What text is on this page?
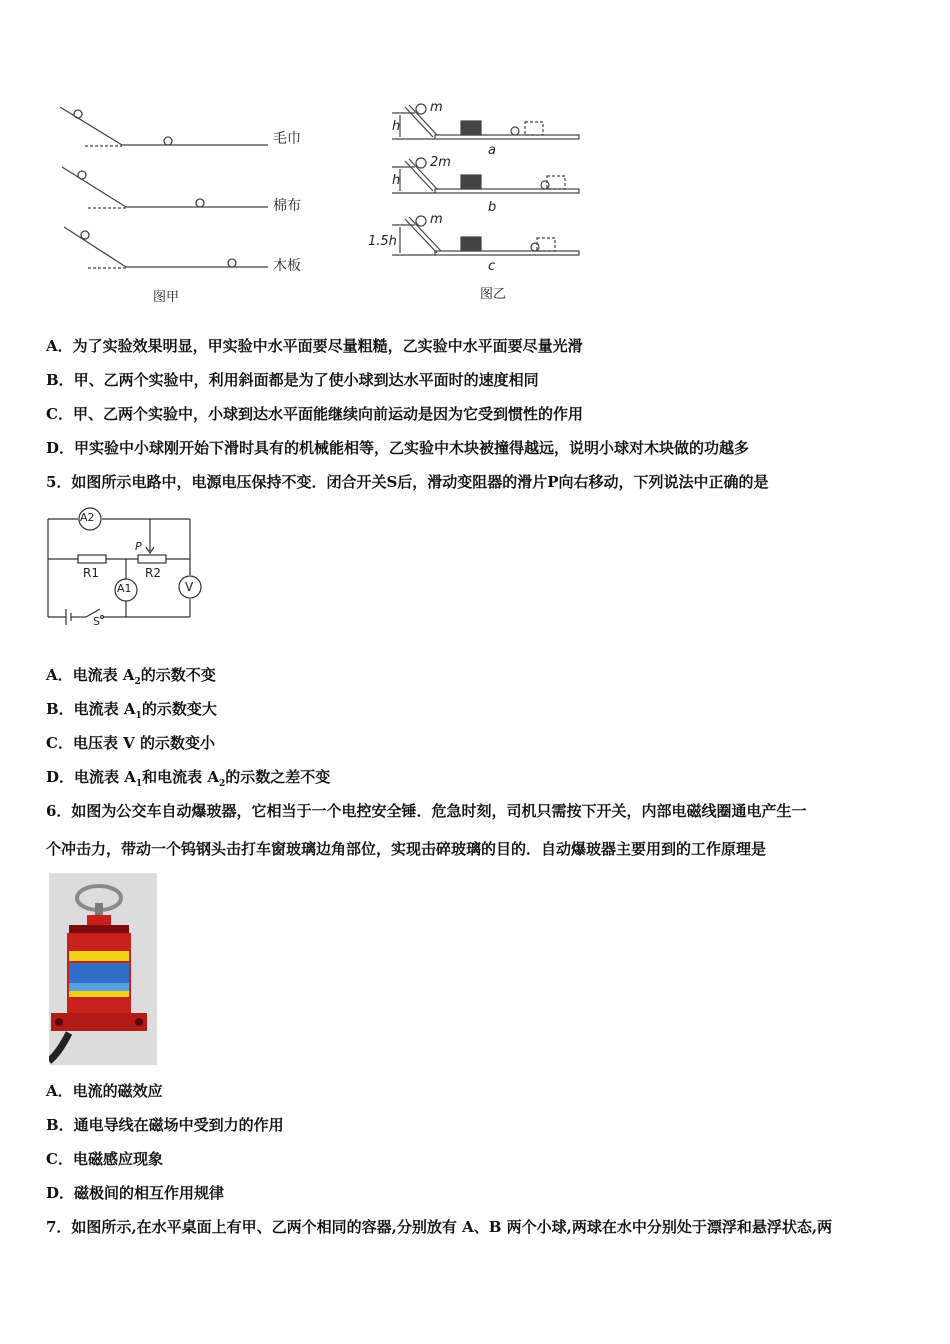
毛巾
棉布
木板
图甲
h
m
a
h
2m
b
1.5h
m
c
图乙
A．为了实验效果明显，甲实验中水平面要尽量粗糙，乙实验中水平面要尽量光滑
B．甲、乙两个实验中，利用斜面都是为了使小球到达水平面时的速度相同
C．甲、乙两个实验中，小球到达水平面能继续向前运动是因为它受到惯性的作用
D．甲实验中小球刚开始下滑时具有的机械能相等，乙实验中木块被撞得越远，说明小球对木块做的功越多
5．如图所示电路中，电源电压保持不变．闭合开关S后，滑动变阻器的滑片P向右移动，下列说法中正确的是
A2
A1	V
R1	R2
P
S
A．电流表 $A_2$的示数不变
B．电流表 $A_1$的示数变大
C．电压表 V 的示数变小
D．电流表 $A_1$和电流表 $A_2$的示数之差不变
6．如图为公交车自动爆玻器，它相当于一个电控安全锤．危急时刻，司机只需按下开关，内部电磁线圈通电产生一
个冲击力，带动一个钨钢头击打车窗玻璃边角部位，实现击碎玻璃的目的．自动爆玻器主要用到的工作原理是
A．电流的磁效应
B．通电导线在磁场中受到力的作用
C．电磁感应现象
D．磁极间的相互作用规律
7．如图所示,在水平桌面上有甲、乙两个相同的容器,分别放有 A、B 两个小球,两球在水中分别处于漂浮和悬浮状态,两
